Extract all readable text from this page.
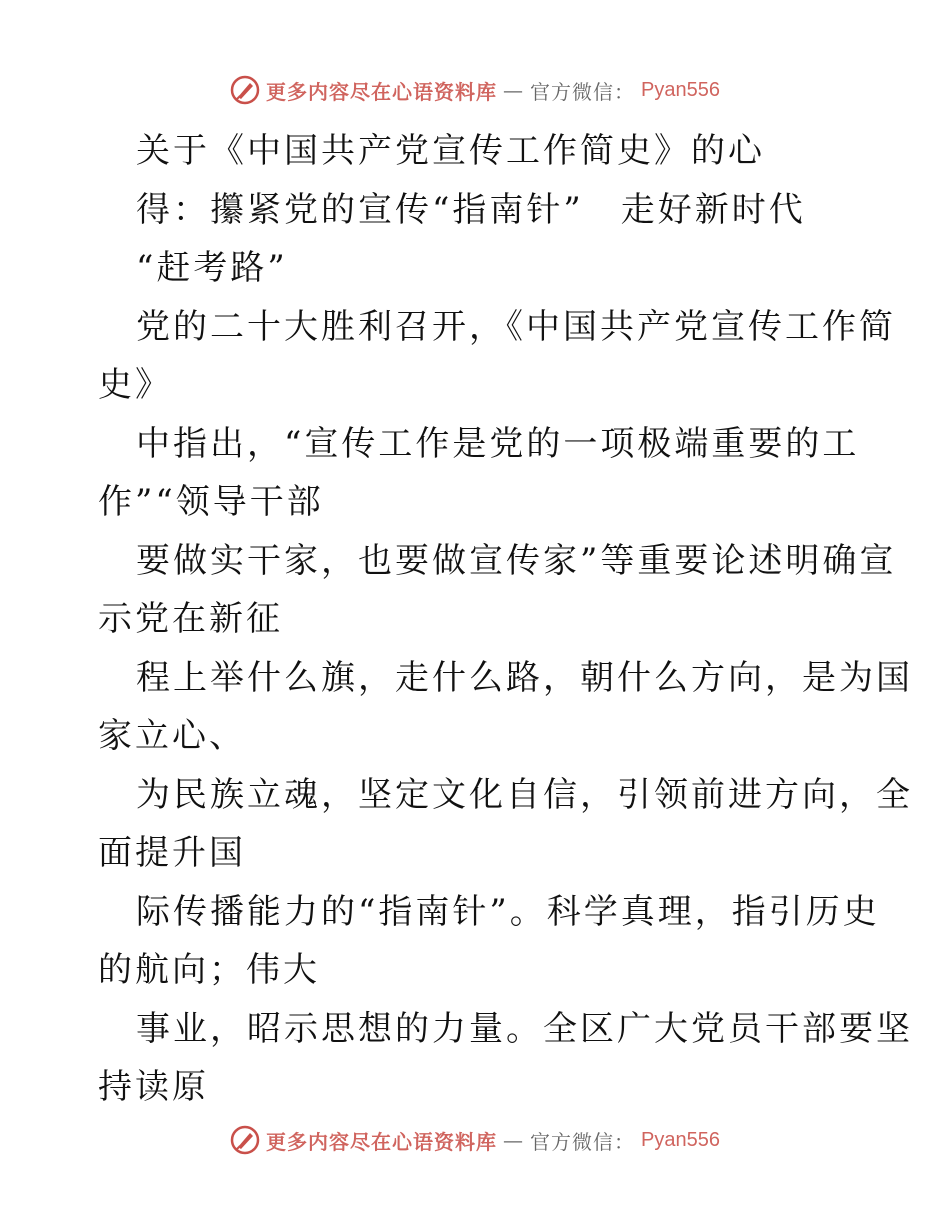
更多内容尽在心语资料库 — 官方微信： Pyan556
关于《中国共产党宣传工作简史》的心
得：攥紧党的宣传“指南针”　走好新时代
“赶考路”
党的二十大胜利召开，《中国共产党宣传工作简
史》
中指出，“宣传工作是党的一项极端重要的工
作”“领导干部
要做实干家，也要做宣传家”等重要论述明确宣
示党在新征
程上举什么旗，走什么路，朝什么方向，是为国
家立心、
为民族立魂，坚定文化自信，引领前进方向，全
面提升国
际传播能力的“指南针”。科学真理，指引历史
的航向；伟大
事业，昭示思想的力量。全区广大党员干部要坚
持读原
更多内容尽在心语资料库 — 官方微信： Pyan556
